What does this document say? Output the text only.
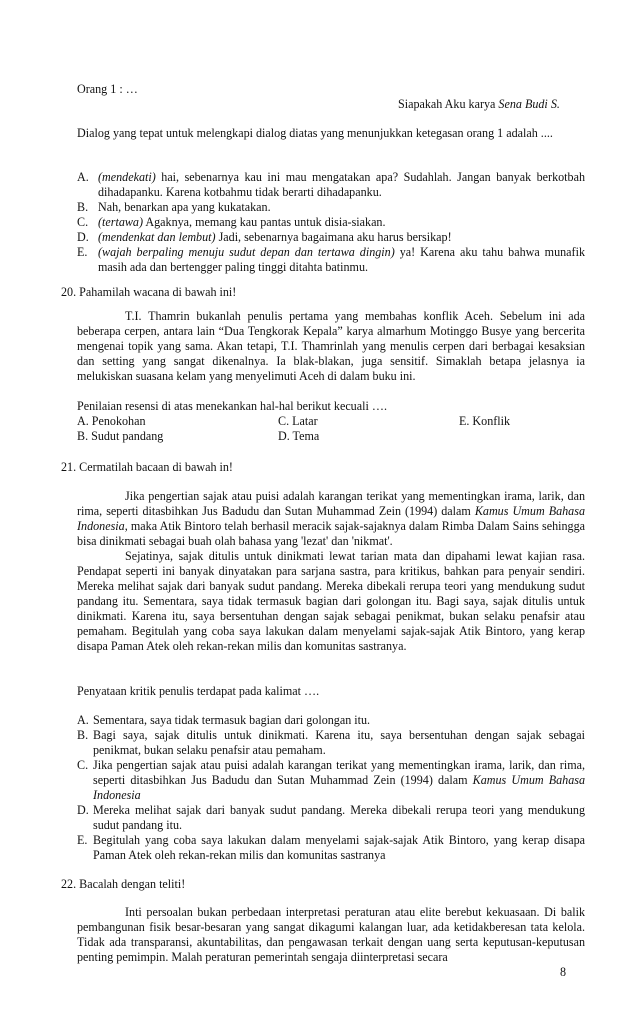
Orang 1 : …
Siapakah Aku karya Sena Budi S.
Dialog yang tepat untuk melengkapi dialog diatas yang menunjukkan ketegasan orang 1 adalah ....
A. (mendekati) hai, sebenarnya kau ini mau mengatakan apa? Sudahlah. Jangan banyak berkotbah dihadapanku. Karena kotbahmu tidak berarti dihadapanku.
B. Nah, benarkan apa yang kukatakan.
C. (tertawa) Agaknya, memang kau pantas untuk disia-siakan.
D. (mendenkat dan lembut) Jadi, sebenarnya bagaimana aku harus bersikap!
E. (wajah berpaling menuju sudut depan dan tertawa dingin) ya! Karena aku tahu bahwa munafik masih ada dan bertengger paling tinggi ditahta batinmu.
20. Pahamilah wacana di bawah ini!
T.I. Thamrin bukanlah penulis pertama yang membahas konflik Aceh. Sebelum ini ada beberapa cerpen, antara lain “Dua Tengkorak Kepala” karya almarhum Motinggo Busye yang bercerita mengenai topik yang sama. Akan tetapi, T.I. Thamrinlah yang menulis cerpen dari berbagai kesaksian dan setting yang sangat dikenalnya. Ia blak-blakan, juga sensitif. Simaklah betapa jelasnya ia melukiskan suasana kelam yang menyelimuti Aceh di dalam buku ini.
Penilaian resensi di atas menekankan hal-hal berikut kecuali ….
A. Penokohan	C. Latar	E. Konflik
B. Sudut pandang	D. Tema
21. Cermatilah bacaan di bawah in!
Jika pengertian sajak atau puisi adalah karangan terikat yang mementingkan irama, larik, dan rima, seperti ditasbihkan Jus Badudu dan Sutan Muhammad Zein (1994) dalam Kamus Umum Bahasa Indonesia, maka Atik Bintoro telah berhasil meracik sajak-sajaknya dalam Rimba Dalam Sains sehingga bisa dinikmati sebagai buah olah bahasa yang 'lezat' dan 'nikmat'.
Sejatinya, sajak ditulis untuk dinikmati lewat tarian mata dan dipahami lewat kajian rasa. Pendapat seperti ini banyak dinyatakan para sarjana sastra, para kritikus, bahkan para penyair sendiri. Mereka melihat sajak dari banyak sudut pandang. Mereka dibekali rerupa teori yang mendukung sudut pandang itu. Sementara, saya tidak termasuk bagian dari golongan itu. Bagi saya, sajak ditulis untuk dinikmati. Karena itu, saya bersentuhan dengan sajak sebagai penikmat, bukan selaku penafsir atau pemaham. Begitulah yang coba saya lakukan dalam menyelami sajak-sajak Atik Bintoro, yang kerap disapa Paman Atek oleh rekan-rekan milis dan komunitas sastranya.
Penyataan kritik penulis terdapat pada kalimat ….
A. Sementara, saya tidak termasuk bagian dari golongan itu.
B. Bagi saya, sajak ditulis untuk dinikmati. Karena itu, saya bersentuhan dengan sajak sebagai penikmat, bukan selaku penafsir atau pemaham.
C. Jika pengertian sajak atau puisi adalah karangan terikat yang mementingkan irama, larik, dan rima, seperti ditasbihkan Jus Badudu dan Sutan Muhammad Zein (1994) dalam Kamus Umum Bahasa Indonesia
D. Mereka melihat sajak dari banyak sudut pandang. Mereka dibekali rerupa teori yang mendukung sudut pandang itu.
E. Begitulah yang coba saya lakukan dalam menyelami sajak-sajak Atik Bintoro, yang kerap disapa Paman Atek oleh rekan-rekan milis dan komunitas sastranya
22. Bacalah dengan teliti!
Inti persoalan bukan perbedaan interpretasi peraturan atau elite berebut kekuasaan. Di balik pembangunan fisik besar-besaran yang sangat dikagumi kalangan luar, ada ketidakberesan tata kelola. Tidak ada transparansi, akuntabilitas, dan pengawasan terkait dengan uang serta keputusan-keputusan penting pemimpin. Malah peraturan pemerintah sengaja diinterpretasi secara
8
